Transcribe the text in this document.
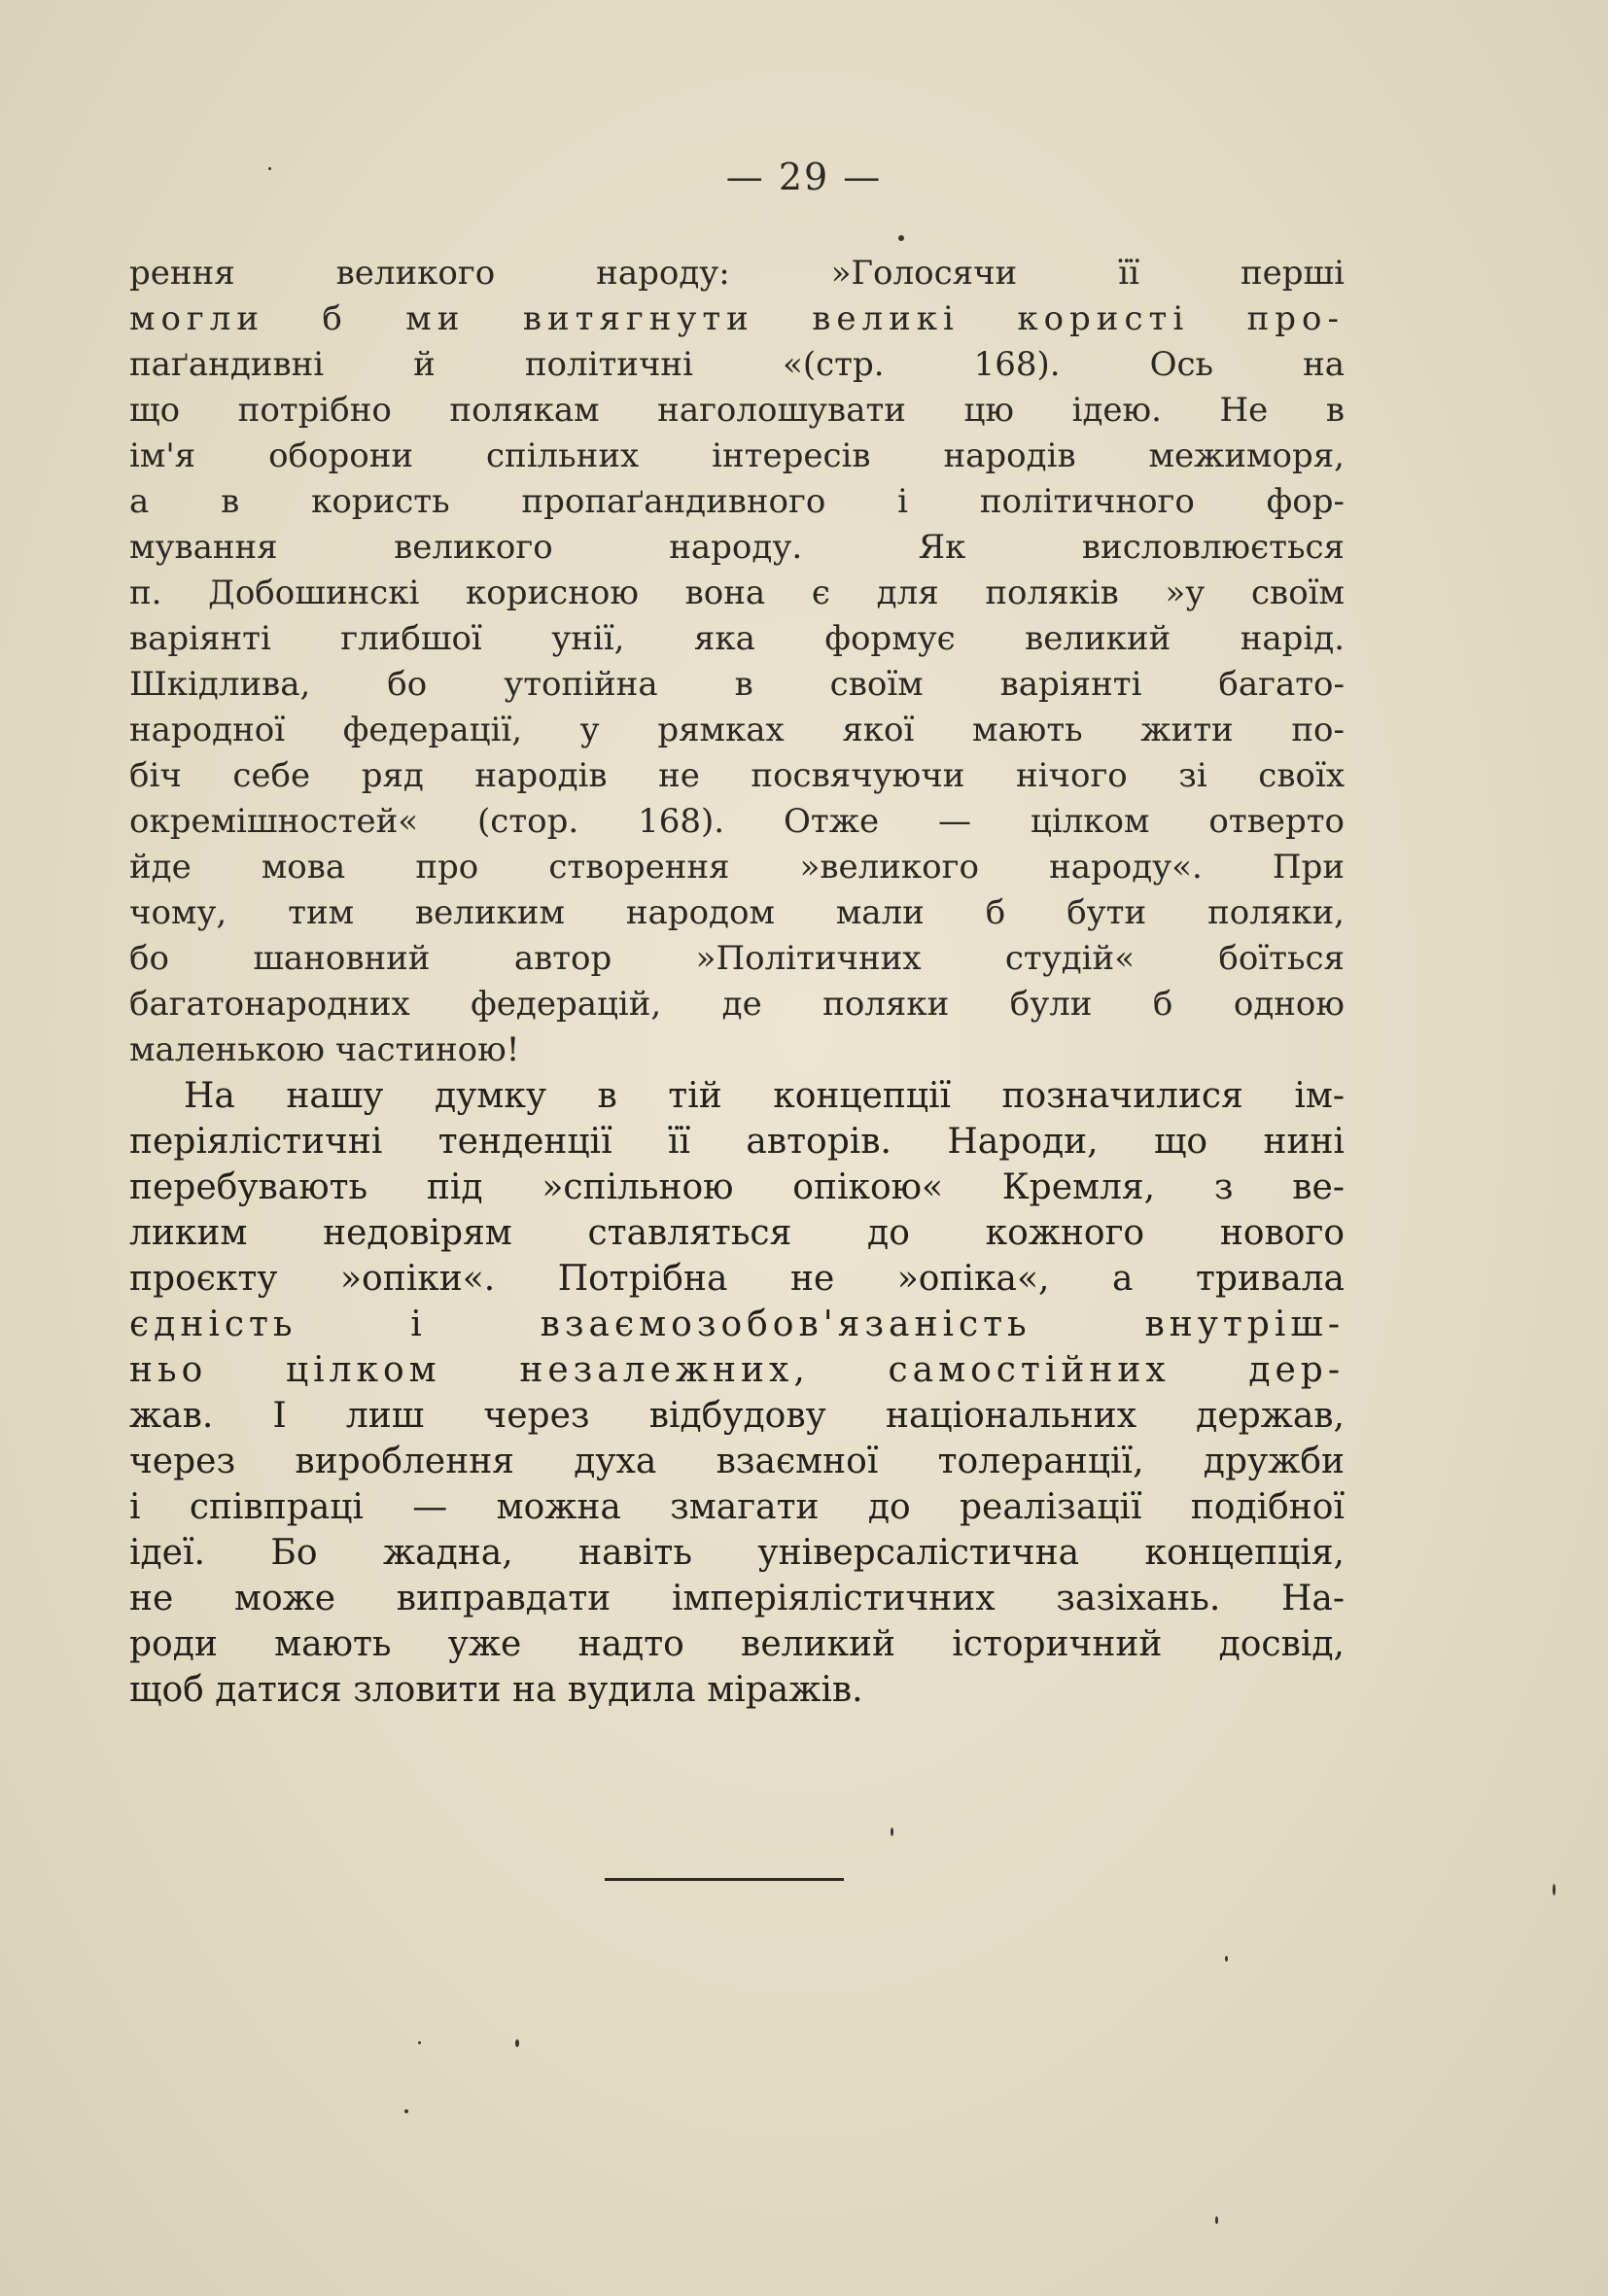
— 29 —
рення великого народу: »Голосячи її перші
могли б ми витягнути великі користі про-
паґандивні й політичні «(стр. 168). Ось на
що потрібно полякам наголошувати цю ідею. Не в
ім'я оборони спільних інтересів народів межиморя,
а в користь пропаґандивного і політичного фор-
мування великого народу. Як висловлюється
п. Добошинскі корисною вона є для поляків »у своїм
варіянті глибшої унії, яка формує великий нарід.
Шкідлива, бо утопійна в своїм варіянті багато-
народної федерації, у рямках якої мають жити по-
біч себе ряд народів не посвячуючи нічого зі своїх
окремішностей« (стор. 168). Отже — цілком отверто
йде мова про створення »великого народу«. При
чому, тим великим народом мали б бути поляки,
бо шановний автор »Політичних студій« боїться
багатонародних федерацій, де поляки були б одною
маленькою частиною!
На нашу думку в тій концепції позначилися ім-
періялістичні тенденції її авторів. Народи, що нині
перебувають під »спільною опікою« Кремля, з ве-
ликим недовірям ставляться до кожного нового
проєкту »опіки«. Потрібна не »опіка«, а тривала
єдність і взаємозобов'язаність внутріш-
ньо цілком незалежних, самостійних дер-
жав. І лиш через відбудову національних держав,
через вироблення духа взаємної толеранції, дружби
і співпраці — можна змагати до реалізації подібної
ідеї. Бо жадна, навіть універсалістична концепція,
не може виправдати імперіялістичних зазіхань. На-
роди мають уже надто великий історичний досвід,
щоб датися зловити на вудила міражів.
